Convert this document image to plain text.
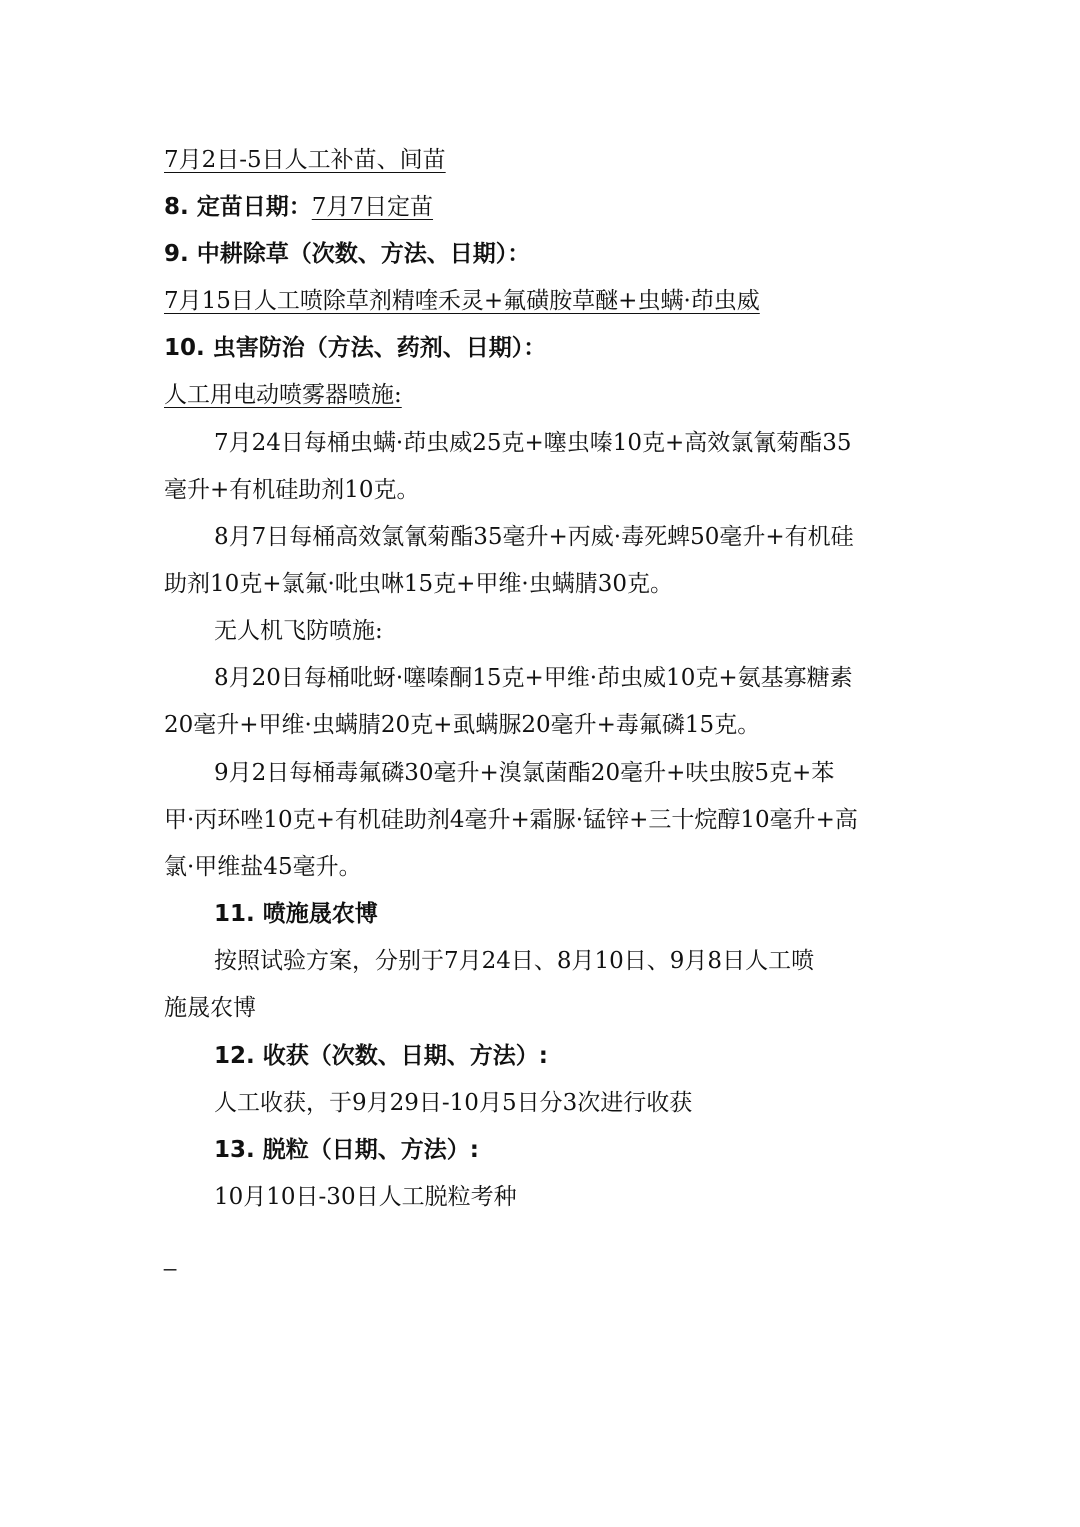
7月2日-5日人工补苗、间苗
8. 定苗日期：7月7日定苗
9. 中耕除草（次数、方法、日期）：
7月15日人工喷除草剂精喹禾灵+氟磺胺草醚+虫螨·茚虫威
10. 虫害防治（方法、药剂、日期）：
人工用电动喷雾器喷施:
7月24日每桶虫螨·茚虫威25克+噻虫嗪10克+高效氯氰菊酯35
毫升+有机硅助剂10克。
8月7日每桶高效氯氰菊酯35毫升+丙威·毒死蜱50毫升+有机硅
助剂10克+氯氟·吡虫啉15克+甲维·虫螨腈30克。
无人机飞防喷施:
8月20日每桶吡蚜·噻嗪酮15克+甲维·茚虫威10克+氨基寡糖素
20毫升+甲维·虫螨腈20克+虱螨脲20毫升+毒氟磷15克。
9月2日每桶毒氟磷30毫升+溴氯菌酯20毫升+呋虫胺5克+苯
甲·丙环唑10克+有机硅助剂4毫升+霜脲·锰锌+三十烷醇10毫升+高
氯·甲维盐45毫升。
11. 喷施晟农博
按照试验方案，分别于7月24日、8月10日、9月8日人工喷
施晟农博
12. 收获（次数、日期、方法）:
人工收获，于9月29日-10月5日分3次进行收获
13. 脱粒（日期、方法）:
10月10日-30日人工脱粒考种
_
